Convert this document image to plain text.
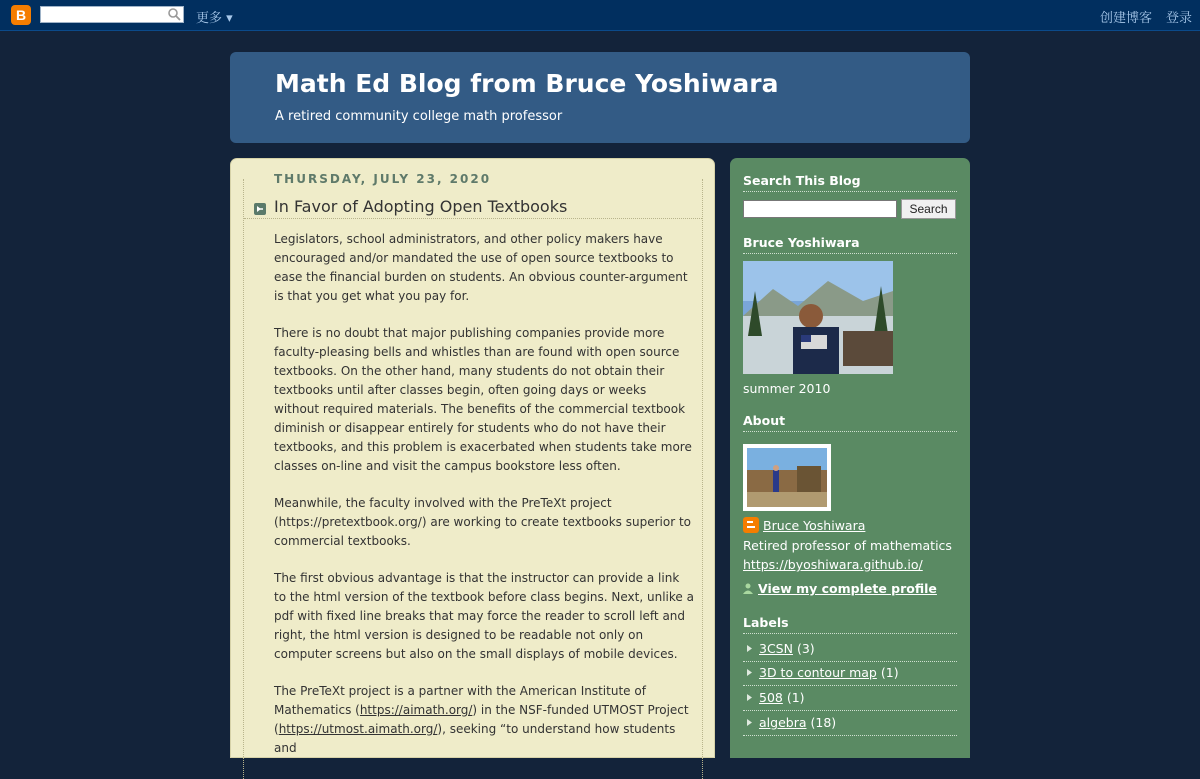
B	更多 ▾	创建博客 登录
Math Ed Blog from Bruce Yoshiwara
A retired community college math professor
THURSDAY, JULY 23, 2020
In Favor of Adopting Open Textbooks

Legislators, school administrators, and other policy makers have encouraged and/or mandated the use of open source textbooks to ease the financial burden on students. An obvious counter-argument is that you get what you pay for.

There is no doubt that major publishing companies provide more faculty-pleasing bells and whistles than are found with open source textbooks. On the other hand, many students do not obtain their textbooks until after classes begin, often going days or weeks without required materials. The benefits of the commercial textbook diminish or disappear entirely for students who do not have their textbooks, and this problem is exacerbated when students take more classes on-line and visit the campus bookstore less often.

Meanwhile, the faculty involved with the PreTeXt project (https://pretextbook.org/) are working to create textbooks superior to commercial textbooks.

The first obvious advantage is that the instructor can provide a link to the html version of the textbook before class begins. Next, unlike a pdf with fixed line breaks that may force the reader to scroll left and right, the html version is designed to be readable not only on computer screens but also on the small displays of mobile devices.

The PreTeXt project is a partner with the American Institute of Mathematics (https://aimath.org/) in the NSF-funded UTMOST Project (https://utmost.aimath.org/), seeking “to understand how students and

Search This Blog
Search
Bruce Yoshiwara
summer 2010
About
Bruce Yoshiwara
Retired professor of mathematics
https://byoshiwara.github.io/
View my complete profile
Labels
3CSN (3)
3D to contour map (1)
508 (1)
algebra (18)
